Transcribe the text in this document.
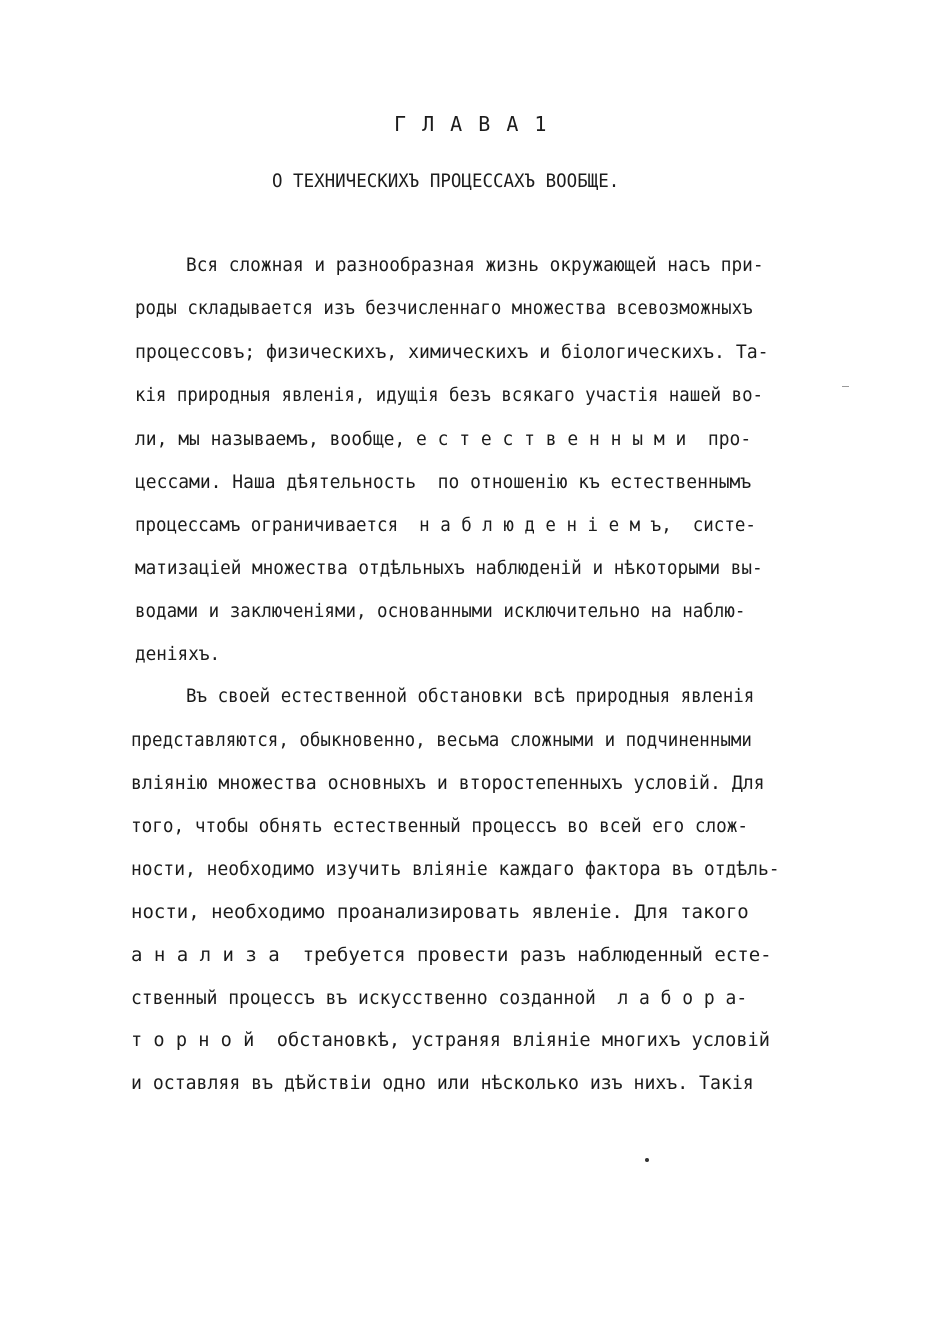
Г Л А В А 1
О ТЕХНИЧЕСКИХЪ ПРОЦЕССАХЪ ВООБЩЕ.
Вся сложная и разнообразная жизнь окружающей насъ при-
роды складывается изъ безчисленнаго множества всевозможныхъ
процессовъ; физическихъ, химическихъ и біологическихъ. Та-
кія природныя явленія, идущія безъ всякаго участія нашей во-
ли, мы называемъ, вообще, е с т е с т в е н н ы м и  про-
цессами. Наша дѣятельность  по отношенію къ естественнымъ
процессамъ ограничивается  н а б л ю д е н і е м ъ,  систе-
матизаціей множества отдѣльныхъ наблюденій и нѣкоторыми вы-
водами и заключеніями, основанными исключительно на наблю-
деніяхъ.
Въ своей естественной обстановки всѣ природныя явленія
представляются, обыкновенно, весьма сложными и подчиненными
вліянію множества основныхъ и второстепенныхъ условій. Для
того, чтобы обнять естественный процессъ во всей его слож-
ности, необходимо изучить вліяніе каждаго фактора въ отдѣль-
ности, необходимо проанализировать явленіе. Для такого
а н а л и з а  требуется провести разъ наблюденный есте-
ственный процессъ въ искусственно созданной  л а б о р а-
т о р н о й  обстановкѣ, устраняя вліяніе многихъ условій
и оставляя въ дѣйствіи одно или нѣсколько изъ нихъ. Такія
